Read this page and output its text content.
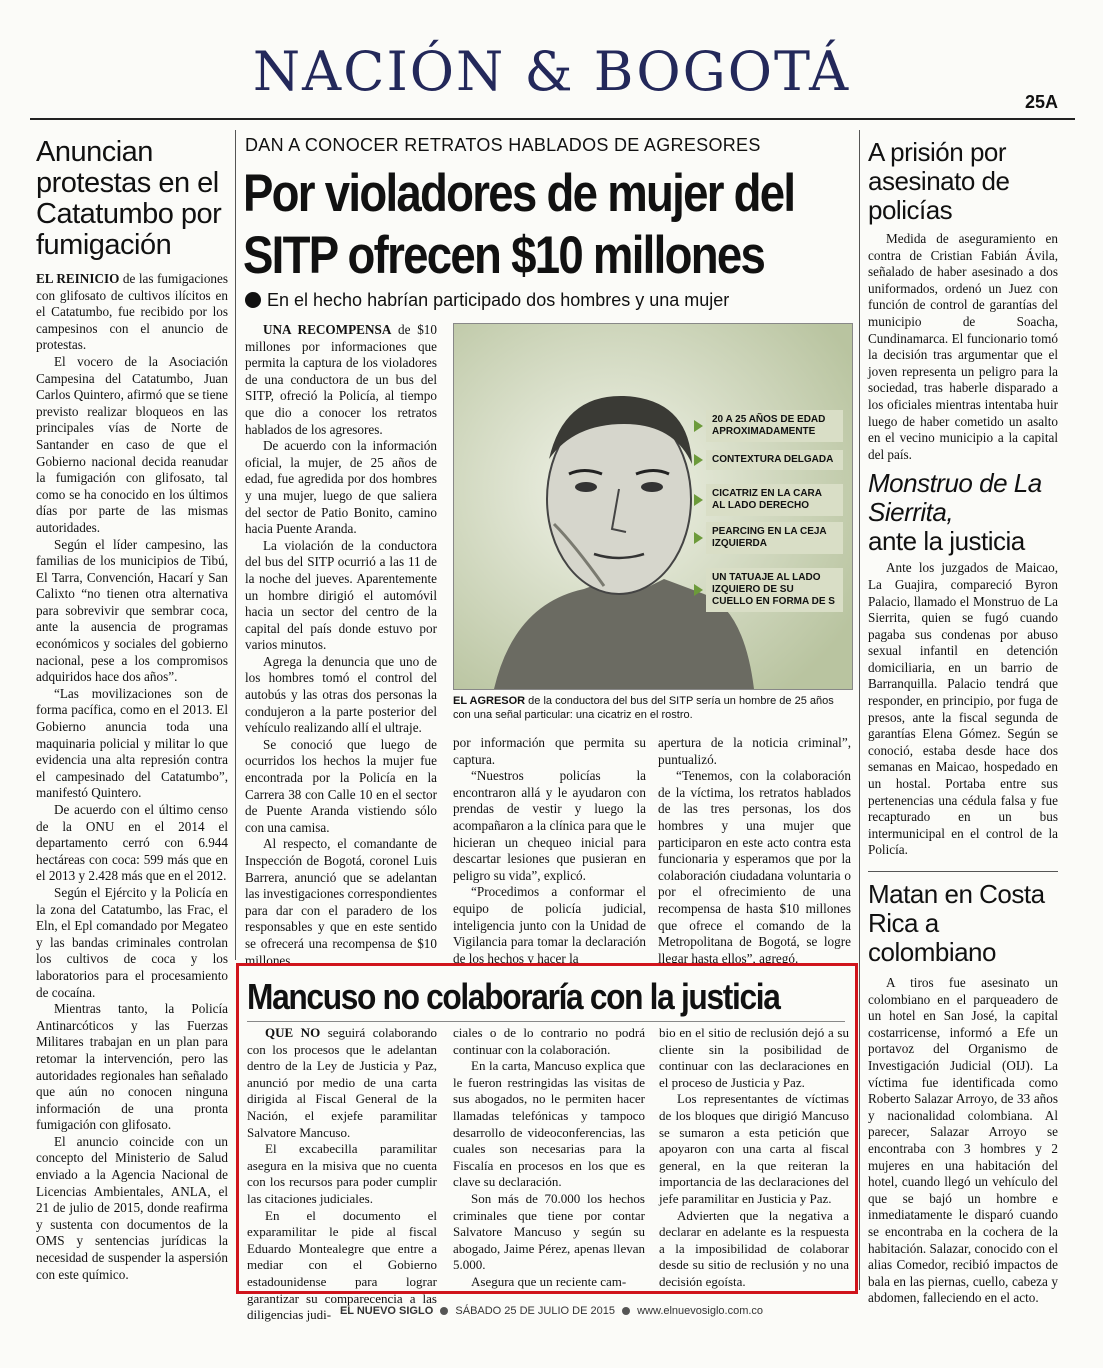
NACIÓN & BOGOTÁ	25A
Anuncian protestas en el Catatumbo por fumigación

EL REINICIO de las fumigaciones con glifosato de cultivos ilícitos en el Catatumbo, fue recibido por los campesinos con el anuncio de protestas.

El vocero de la Asociación Campesina del Catatumbo, Juan Carlos Quintero, afirmó que se tiene previsto realizar bloqueos en las principales vías de Norte de Santander en caso de que el Gobierno nacional decida reanudar la fumigación con glifosato, tal como se ha conocido en los últimos días por parte de las mismas autoridades.

Según el líder campesino, las familias de los municipios de Tibú, El Tarra, Convención, Hacarí y San Calixto “no tienen otra alternativa para sobrevivir que sembrar coca, ante la ausencia de programas económicos y sociales del gobierno nacional, pese a los compromisos adquiridos hace dos años”.

“Las movilizaciones son de forma pacífica, como en el 2013. El Gobierno anuncia toda una maquinaria policial y militar lo que evidencia una alta represión contra el campesinado del Catatumbo”, manifestó Quintero.

De acuerdo con el último censo de la ONU en el 2014 el departamento cerró con 6.944 hectáreas con coca: 599 más que en el 2013 y 2.428 más que en el 2012.

Según el Ejército y la Policía en la zona del Catatumbo, las Frac, el Eln, el Epl comandado por Megateo y las bandas criminales controlan los cultivos de coca y los laboratorios para el procesamiento de cocaína.

Mientras tanto, la Policía Antinarcóticos y las Fuerzas Militares trabajan en un plan para retomar la intervención, pero las autoridades regionales han señalado que aún no conocen ninguna información de una pronta fumigación con glifosato.

El anuncio coincide con un concepto del Ministerio de Salud enviado a la Agencia Nacional de Licencias Ambientales, ANLA, el 21 de julio de 2015, donde reafirma y sustenta con documentos de la OMS y sentencias jurídicas la necesidad de suspender la aspersión con este químico.

DAN A CONOCER RETRATOS HABLADOS DE AGRESORES
Por violadores de mujer del
SITP ofrecen $10 millones
En el hecho habrían participado dos hombres y una mujer

UNA RECOMPENSA de $10 millones por informaciones que permita la captura de los violadores de una conductora de un bus del SITP, ofreció la Policía, al tiempo que dio a conocer los retratos hablados de los agresores.

De acuerdo con la información oficial, la mujer, de 25 años de edad, fue agredida por dos hombres y una mujer, luego de que saliera del sector de Patio Bonito, camino hacia Puente Aranda.

La violación de la conductora del bus del SITP ocurrió a las 11 de la noche del jueves. Aparentemente un hombre dirigió el automóvil hacia un sector del centro de la capital del país donde estuvo por varios minutos.

Agrega la denuncia que uno de los hombres tomó el control del autobús y las otras dos personas la condujeron a la parte posterior del vehículo realizando allí el ultraje.

Se conoció que luego de ocurridos los hechos la mujer fue encontrada por la Policía en la Carrera 38 con Calle 10 en el sector de Puente Aranda vistiendo sólo con una camisa.

Al respecto, el comandante de Inspección de Bogotá, coronel Luis Barrera, anunció que se adelantan las investigaciones correspondientes para dar con el paradero de los responsables y que en este sentido se ofrecerá una recompensa de $10 millones

20 A 25 AÑOS DE EDAD APROXIMADAMENTE
CONTEXTURA DELGADA
CICATRIZ EN LA CARA AL LADO DERECHO
PEARCING EN LA CEJA IZQUIERDA
UN TATUAJE AL LADO IZQUIERO DE SU CUELLO EN FORMA DE S
EL AGRESOR de la conductora del bus del SITP sería un hombre de 25 años con una señal particular: una cicatriz en el rostro.

por información que permita su captura.

“Nuestros policías la encontraron allá y le ayudaron con prendas de vestir y luego la acompañaron a la clínica para que le hicieran un chequeo inicial para descartar lesiones que pusieran en peligro su vida”, explicó.

“Procedimos a conformar el equipo de policía judicial, inteligencia junto con la Unidad de Vigilancia para tomar la declaración de los hechos y hacer la

apertura de la noticia criminal”, puntualizó.

“Tenemos, con la colaboración de la víctima, los retratos hablados de las tres personas, los dos hombres y una mujer que participaron en este acto contra esta funcionaria y esperamos que por la colaboración ciudadana voluntaria o por el ofrecimiento de una recompensa de hasta $10 millones que ofrece el comando de la Metropolitana de Bogotá, se logre llegar hasta ellos”, agregó.

Mancuso no colaboraría con la justicia

QUE NO seguirá colaborando con los procesos que le adelantan dentro de la Ley de Justicia y Paz, anunció por medio de una carta dirigida al Fiscal General de la Nación, el exjefe paramilitar Salvatore Mancuso.

El excabecilla paramilitar asegura en la misiva que no cuenta con los recursos para poder cumplir las citaciones judiciales.

En el documento el exparamilitar le pide al fiscal Eduardo Montealegre que entre a mediar con el Gobierno estadounidense para lograr garantizar su comparecencia a las diligencias judi-

ciales o de lo contrario no podrá continuar con la colaboración.

En la carta, Mancuso explica que le fueron restringidas las visitas de sus abogados, no le permiten hacer llamadas telefónicas y tampoco desarrollo de videoconferencias, las cuales son necesarias para la Fiscalía en procesos en los que es clave su declaración.

Son más de 70.000 los hechos criminales que tiene por contar Salvatore Mancuso y según su abogado, Jaime Pérez, apenas llevan 5.000.

Asegura que un reciente cam-

bio en el sitio de reclusión dejó a su cliente sin la posibilidad de continuar con las declaraciones en el proceso de Justicia y Paz.

Los representantes de víctimas de los bloques que dirigió Mancuso se sumaron a esta petición que apoyaron con una carta al fiscal general, en la que reiteran la importancia de las declaraciones del jefe paramilitar en Justicia y Paz.

Advierten que la negativa a declarar en adelante es la respuesta a la imposibilidad de colaborar desde su sitio de reclusión y no una decisión egoísta.

A prisión por asesinato de policías

Medida de aseguramiento en contra de Cristian Fabián Ávila, señalado de haber asesinado a dos uniformados, ordenó un Juez con función de control de garantías del municipio de Soacha, Cundinamarca. El funcionario tomó la decisión tras argumentar que el joven representa un peligro para la sociedad, tras haberle disparado a los oficiales mientras intentaba huir luego de haber cometido un asalto en el vecino municipio a la capital del país.

Monstruo de La Sierrita,
ante la justicia

Ante los juzgados de Maicao, La Guajira, compareció Byron Palacio, llamado el Monstruo de La Sierrita, quien se fugó cuando pagaba sus condenas por abuso sexual infantil en detención domiciliaria, en un barrio de Barranquilla. Palacio tendrá que responder, en principio, por fuga de presos, ante la fiscal segunda de garantías Elena Gómez. Según se conoció, estaba desde hace dos semanas en Maicao, hospedado en un hostal. Portaba entre sus pertenencias una cédula falsa y fue recapturado en un bus intermunicipal en el control de la Policía.

Matan en Costa Rica a colombiano

A tiros fue asesinato un colombiano en el parqueadero de un hotel en San José, la capital costarricense, informó a Efe un portavoz del Organismo de Investigación Judicial (OIJ). La víctima fue identificada como Roberto Salazar Arroyo, de 33 años y nacionalidad colombiana. Al parecer, Salazar Arroyo se encontraba con 3 hombres y 2 mujeres en una habitación del hotel, cuando llegó un vehículo del que se bajó un hombre e inmediatamente le disparó cuando se encontraba en la cochera de la habitación. Salazar, conocido con el alias Comedor, recibió impactos de bala en las piernas, cuello, cabeza y abdomen, falleciendo en el acto.

EL NUEVO SIGLO SÁBADO 25 DE JULIO DE 2015 www.elnuevosiglo.com.co
